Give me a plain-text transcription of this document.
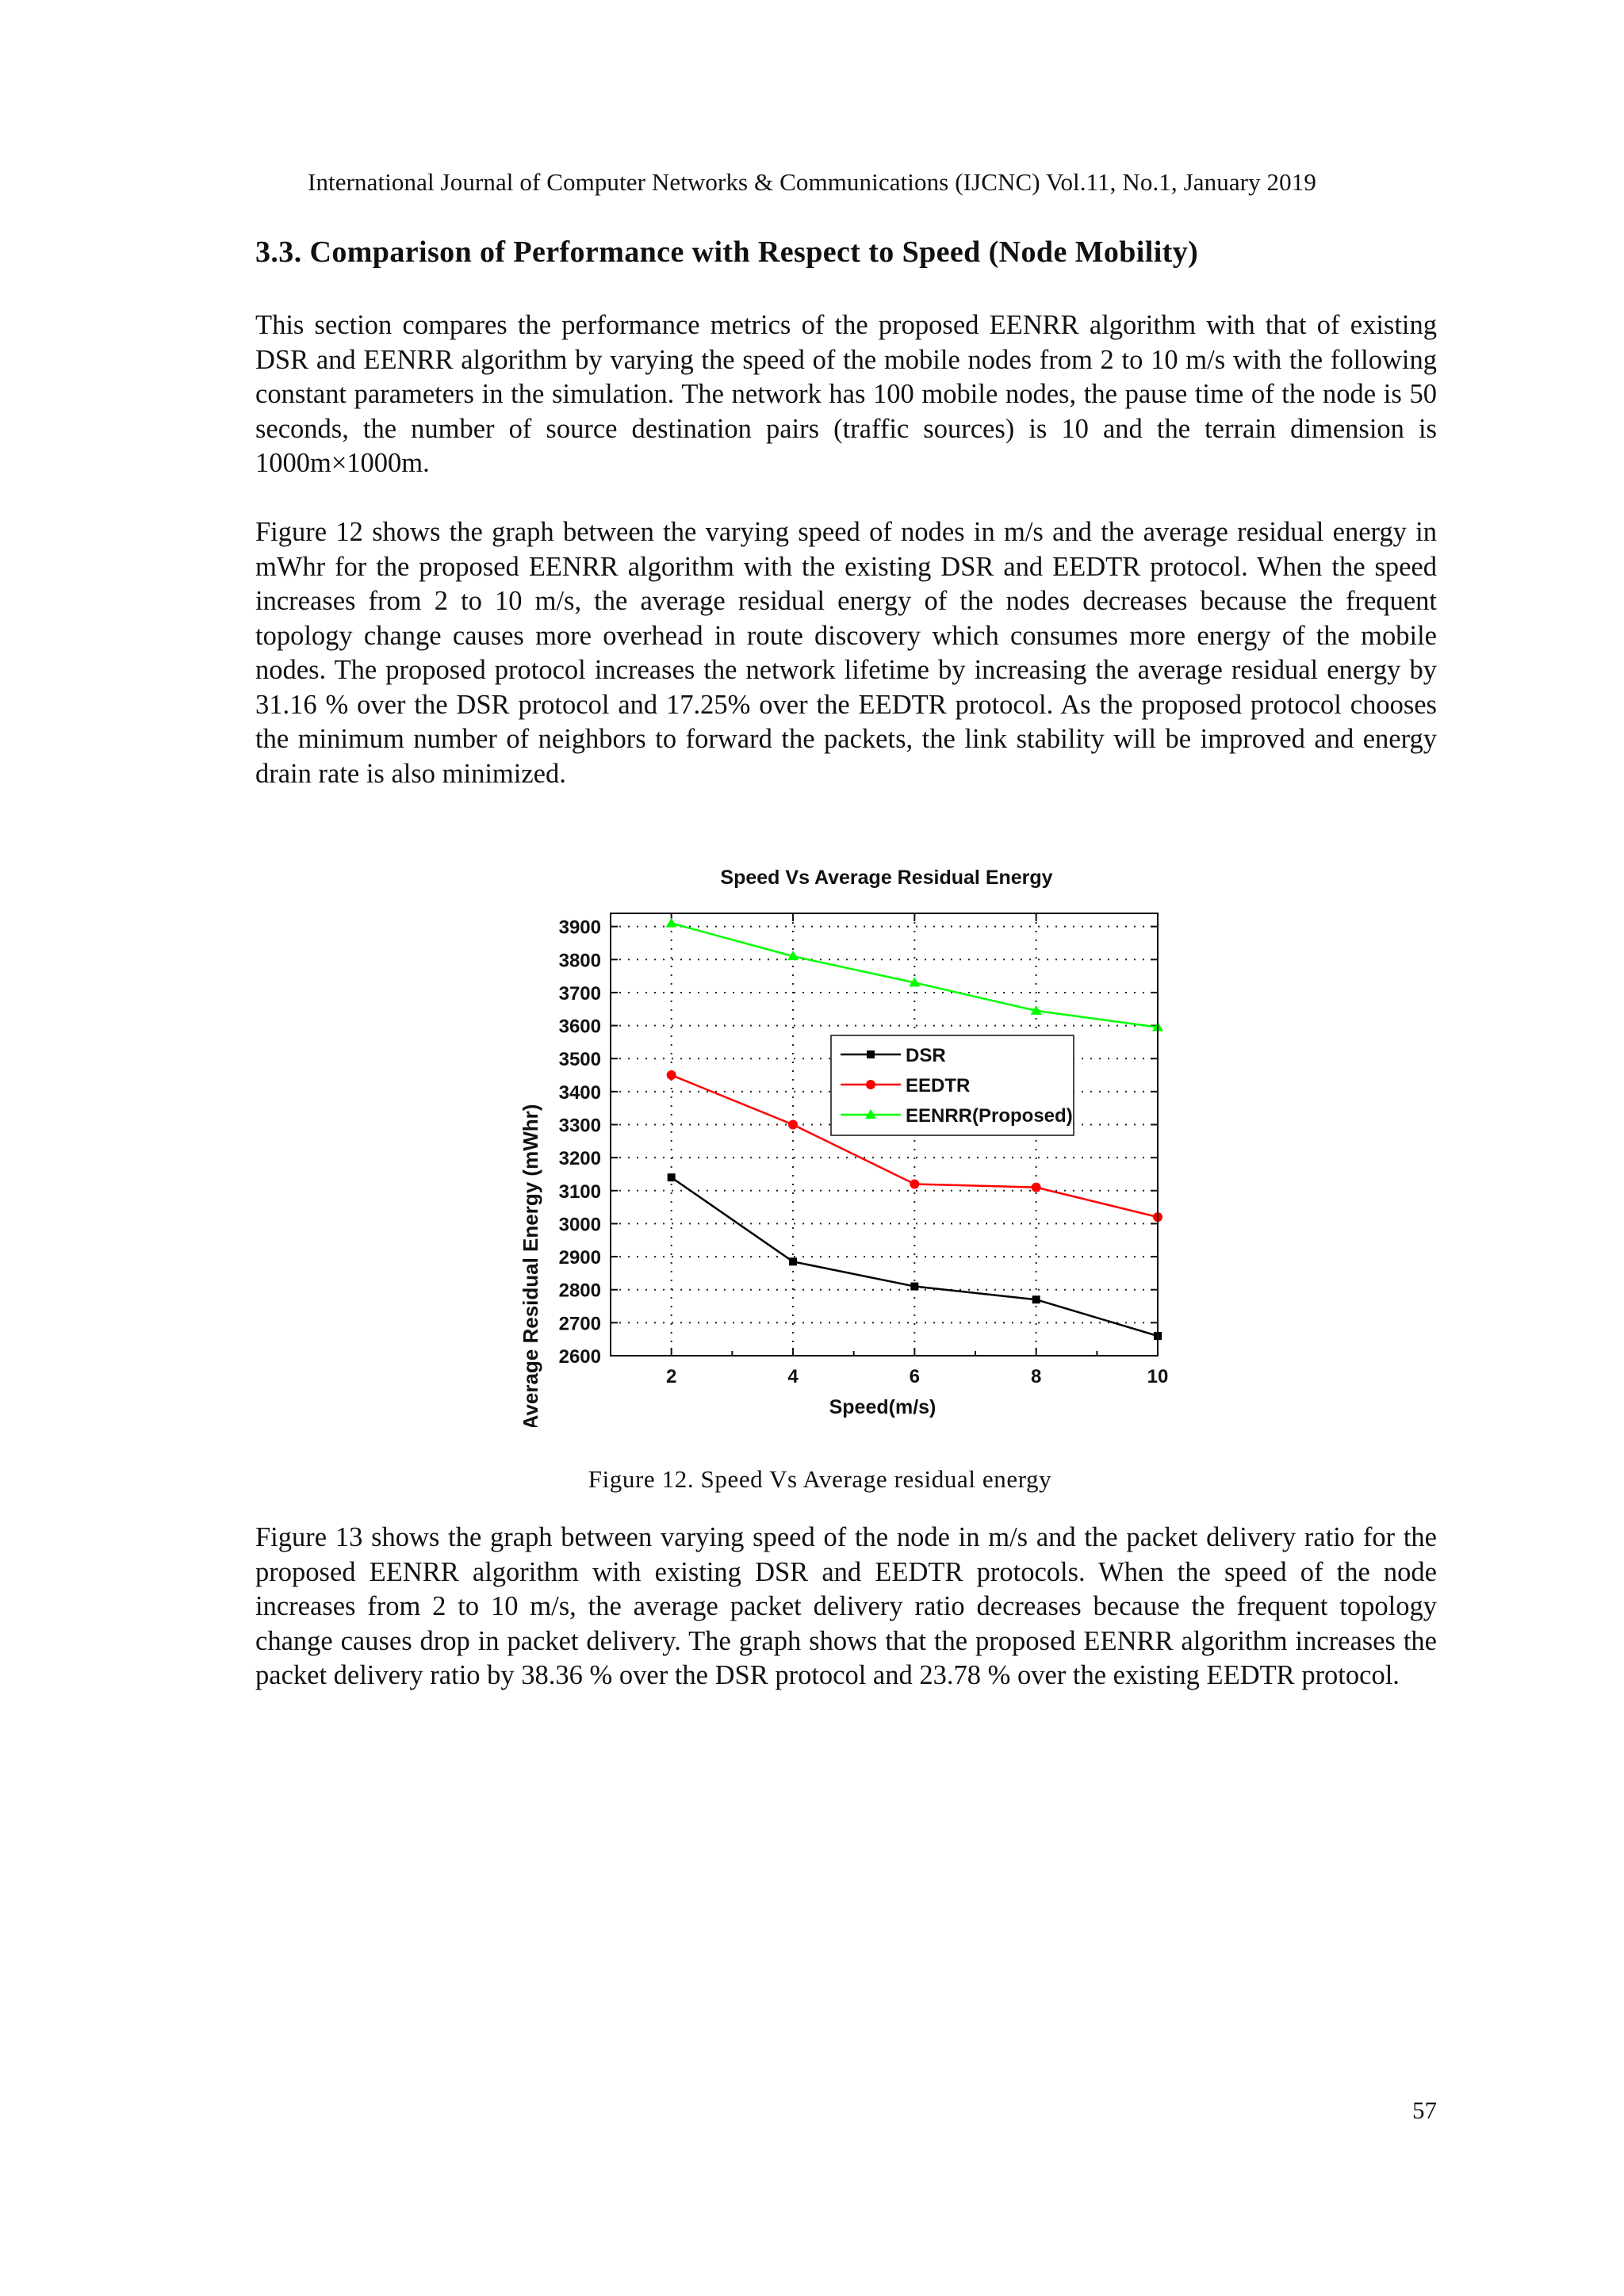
International Journal of Computer Networks & Communications (IJCNC) Vol.11, No.1, January 2019
3.3. Comparison of Performance with Respect to Speed (Node Mobility)

This section compares the performance metrics of the proposed EENRR algorithm with that of existing DSR and EENRR algorithm by varying the speed of the mobile nodes from 2 to 10 m/s with the following constant parameters in the simulation. The network has 100 mobile nodes, the pause time of the node is 50 seconds, the number of source destination pairs (traffic sources) is 10 and the terrain dimension is 1000m×1000m.

Figure 12 shows the graph between the varying speed of nodes in m/s and the average residual energy in mWhr for the proposed EENRR algorithm with the existing DSR and EEDTR protocol. When the speed increases from 2 to 10 m/s, the average residual energy of the nodes decreases because the frequent topology change causes more overhead in route discovery which consumes more energy of the mobile nodes. The proposed protocol increases the network lifetime by increasing the average residual energy by 31.16 % over the DSR protocol and 17.25% over the EEDTR protocol. As the proposed protocol chooses the minimum number of neighbors to forward the packets, the link stability will be improved and energy drain rate is also minimized.

Speed Vs Average Residual Energy
Average Residual Energy (mWhr)	Speed(m/s)
2600
2700
2800
2900
3000
3100
3200
3300
3400
3500
3600
3700
3800
3900
2	4	6	8	10
DSR
EEDTR
EENRR(Proposed)
Figure 12. Speed Vs Average residual energy

Figure 13 shows the graph between varying speed of the node in m/s and the packet delivery ratio for the proposed EENRR algorithm with existing DSR and EEDTR protocols. When the speed of the node increases from 2 to 10 m/s, the average packet delivery ratio decreases because the frequent topology change causes drop in packet delivery. The graph shows that the proposed EENRR algorithm increases the packet delivery ratio by 38.36 % over the DSR protocol and 23.78 % over the existing EEDTR protocol.

57
